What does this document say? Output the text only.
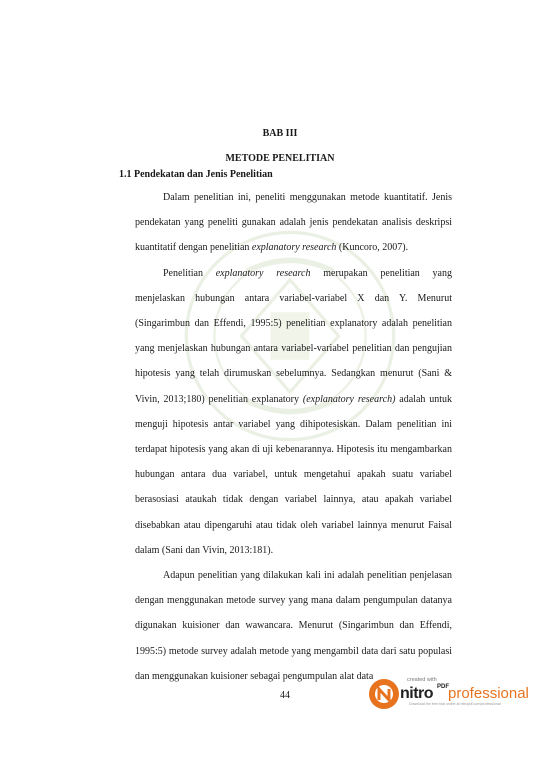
BAB III
METODE PENELITIAN
1.1 Pendekatan dan Jenis Penelitian

Dalam penelitian ini, peneliti menggunakan metode kuantitatif. Jenis pendekatan yang peneliti gunakan adalah jenis pendekatan analisis deskripsi kuantitatif dengan penelitian explanatory research (Kuncoro, 2007).

Penelitian explanatory research merupakan penelitian yang menjelaskan hubungan antara variabel-variabel X dan Y. Menurut (Singarimbun dan Effendi, 1995:5) penelitian explanatory adalah penelitian yang menjelaskan hubungan antara variabel-variabel penelitian dan pengujian hipotesis yang telah dirumuskan sebelumnya. Sedangkan menurut (Sani & Vivin, 2013;180) penelitian explanatory (explanatory research) adalah untuk menguji hipotesis antar variabel yang dihipotesiskan. Dalam penelitian ini terdapat hipotesis yang akan di uji kebenarannya. Hipotesis itu mengambarkan hubungan antara dua variabel, untuk mengetahui apakah suatu variabel berasosiasi ataukah tidak dengan variabel lainnya, atau apakah variabel disebabkan atau dipengaruhi atau tidak oleh variabel lainnya menurut Faisal dalam (Sani dan Vivin, 2013:181).

Adapun penelitian yang dilakukan kali ini adalah penelitian penjelasan dengan menggunakan metode survey yang mana dalam pengumpulan datanya digunakan kuisioner dan wawancara. Menurut (Singarimbun dan Effendi, 1995:5) metode survey adalah metode yang mengambil data dari satu populasi dan menggunakan kuisioner sebagai pengumpulan alat data

44
created with
nitro PDF professional
Download the free trial online at nitropdf.com/professional
